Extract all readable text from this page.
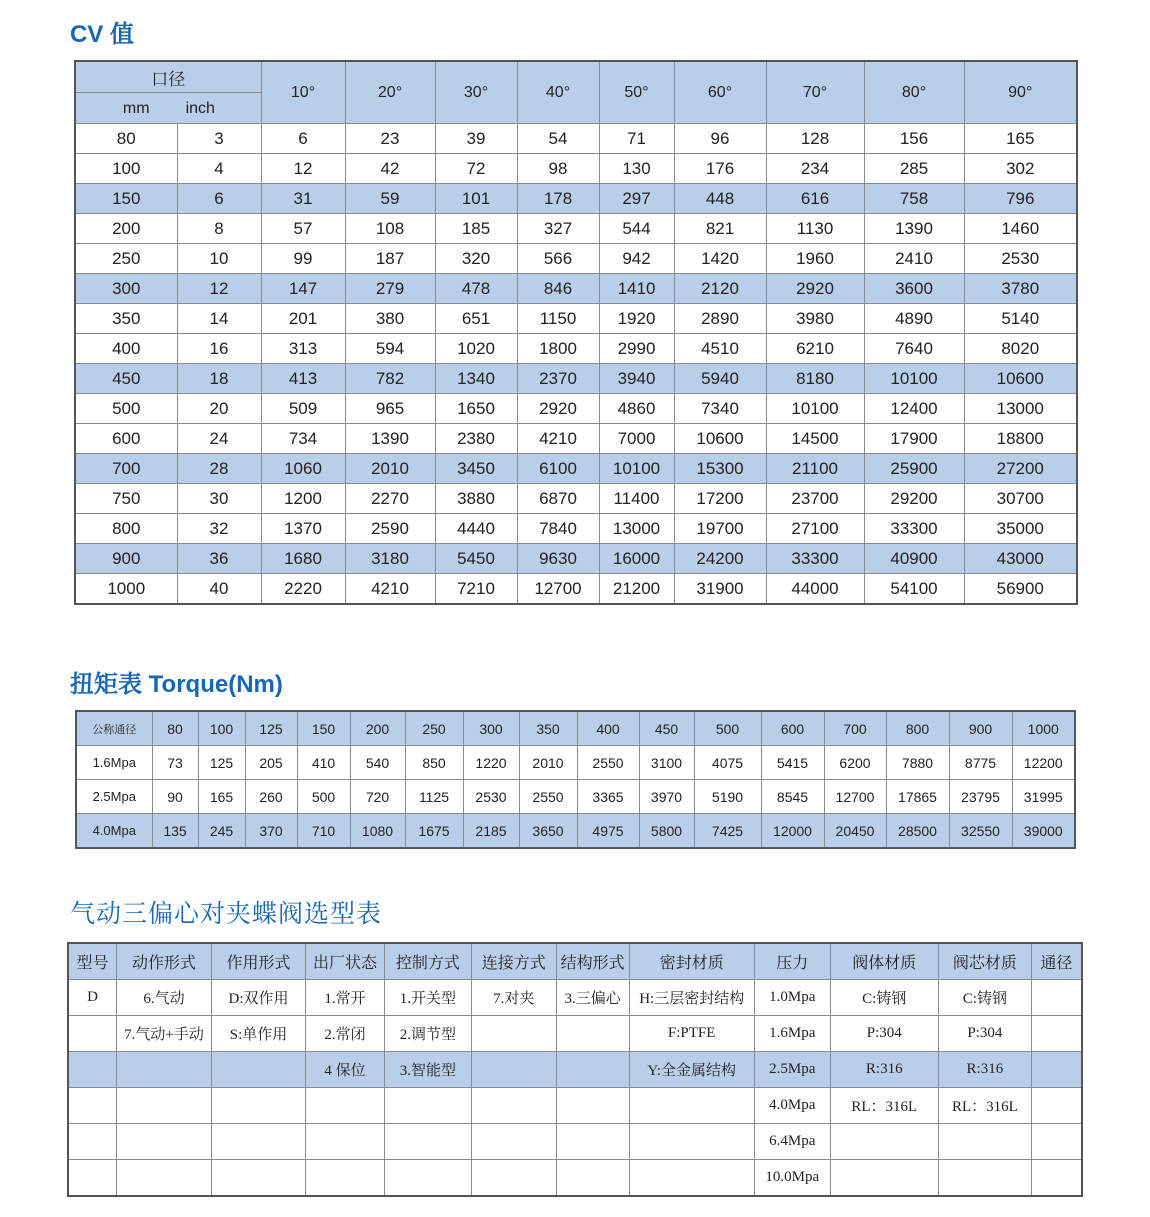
CV 值
扭矩表 Torque(Nm)
气动三偏心对夹蝶阀选型表
口径		10°	20°	30°	40°	50°	60°	70°	80°	90°
mm inch										
80	3	6	23	39	54	71	96	128	156	165
100	4	12	42	72	98	130	176	234	285	302
150	6	31	59	101	178	297	448	616	758	796
200	8	57	108	185	327	544	821	1130	1390	1460
250	10	99	187	320	566	942	1420	1960	2410	2530
300	12	147	279	478	846	1410	2120	2920	3600	3780
350	14	201	380	651	1150	1920	2890	3980	4890	5140
400	16	313	594	1020	1800	2990	4510	6210	7640	8020
450	18	413	782	1340	2370	3940	5940	8180	10100	10600
500	20	509	965	1650	2920	4860	7340	10100	12400	13000
600	24	734	1390	2380	4210	7000	10600	14500	17900	18800
700	28	1060	2010	3450	6100	10100	15300	21100	25900	27200
750	30	1200	2270	3880	6870	11400	17200	23700	29200	30700
800	32	1370	2590	4440	7840	13000	19700	27100	33300	35000
900	36	1680	3180	5450	9630	16000	24200	33300	40900	43000
1000	40	2220	4210	7210	12700	21200	31900	44000	54100	56900
公称通径	80	100	125	150	200	250	300	350	400	450	500	600	700	800	900	1000
1.6Mpa	73	125	205	410	540	850	1220	2010	2550	3100	4075	5415	6200	7880	8775	12200
2.5Mpa	90	165	260	500	720	1125	2530	2550	3365	3970	5190	8545	12700	17865	23795	31995
4.0Mpa	135	245	370	710	1080	1675	2185	3650	4975	5800	7425	12000	20450	28500	32550	39000
型号	动作形式	作用形式	出厂状态	控制方式	连接方式	结构形式	密封材质	压力	阀体材质	阀芯材质	通径
D	6.气动	D:双作用	1.常开	1.开关型	7.对夹	3.三偏心	H:三层密封结构	1.0Mpa	C:铸钢	C:铸钢	
	7.气动+手动	S:单作用	2.常闭	2.调节型			F:PTFE	1.6Mpa	P:304	P:304	
			4 保位	3.智能型			Y:全金属结构	2.5Mpa	R:316	R:316	
								4.0Mpa	RL：316L	RL：316L	
								6.4Mpa			
								10.0Mpa			
